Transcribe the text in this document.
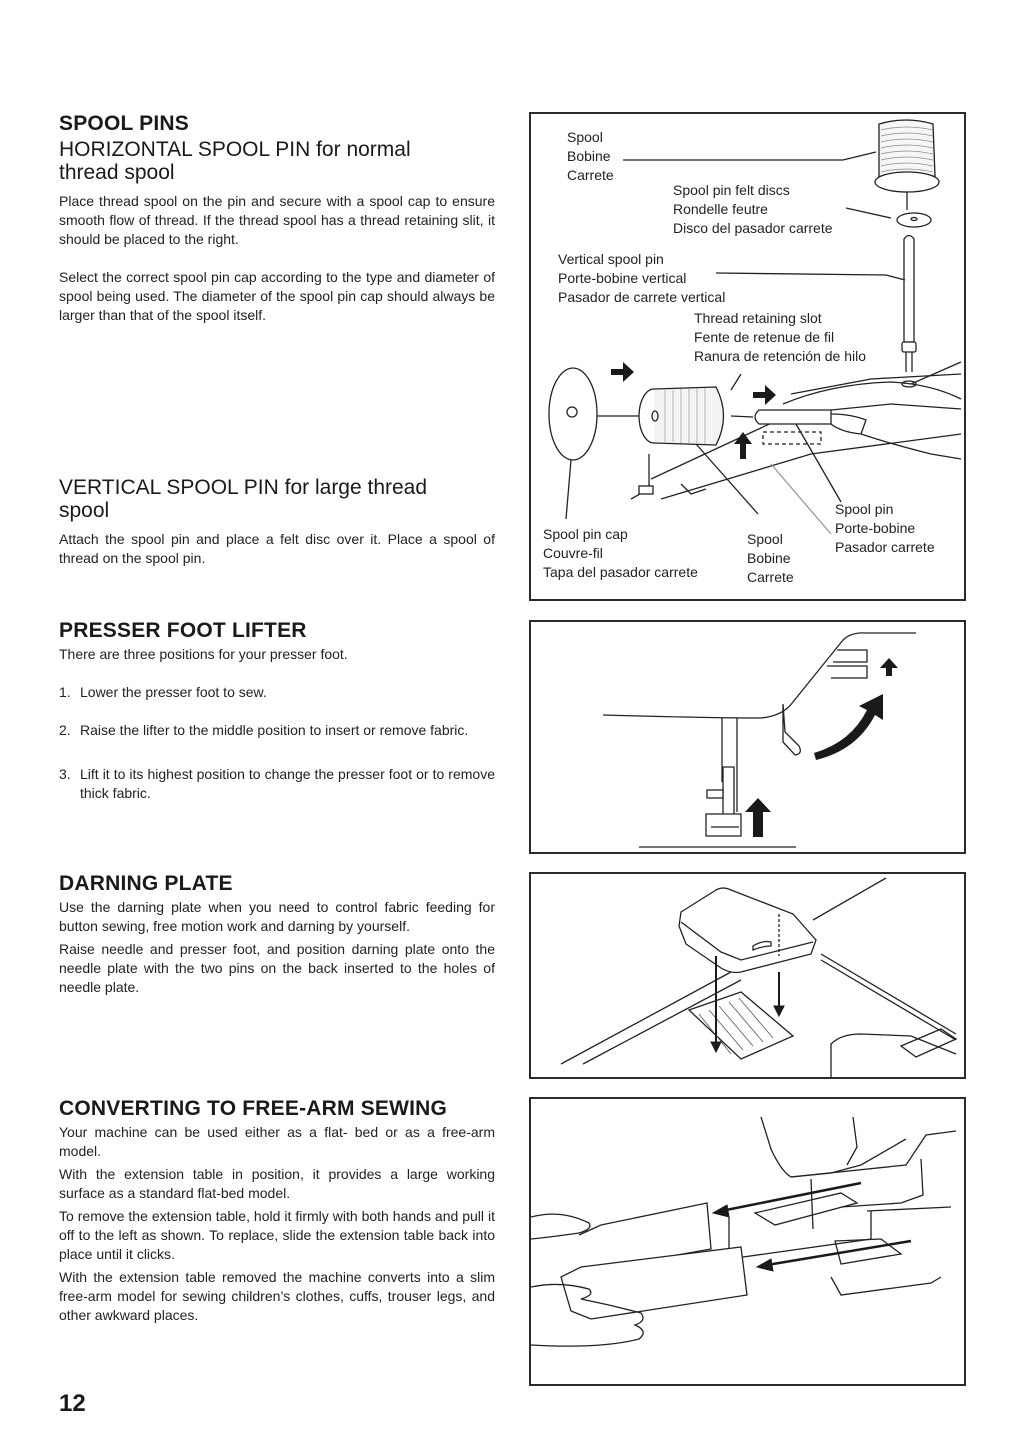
SPOOL PINS
HORIZONTAL SPOOL PIN for normal
thread spool

Place thread spool on the pin and secure with a spool cap to ensure smooth flow of thread. If the thread spool has a thread retaining slit, it should be placed to the right.

Select the correct spool pin cap according to the type and diameter of spool being used. The diameter of the spool pin cap should always be larger than that of the spool itself.

VERTICAL SPOOL PIN for large thread
spool

Attach the spool pin and place a felt disc over it. Place a spool of thread on the spool pin.

Spool
Bobine
Carrete
Spool pin felt discs
Rondelle feutre
Disco del pasador carrete
Vertical spool pin
Porte-bobine vertical
Pasador de carrete vertical
Thread retaining slot
Fente de retenue de fil
Ranura de retención de hilo
Spool pin cap
Couvre-fil
Tapa del pasador carrete
Spool
Bobine
Carrete
Spool pin
Porte-bobine
Pasador carrete
PRESSER FOOT LIFTER

There are three positions for your presser foot.

1. Lower the presser foot to sew.
2. Raise the lifter to the middle position to insert or remove fabric.
3. Lift it to its highest position to change the presser foot or to remove thick fabric.
DARNING PLATE

Use the darning plate when you need to control fabric feeding for button sewing, free motion work and darning by yourself.

Raise needle and presser foot, and position darning plate onto the needle plate with the two pins on the back inserted to the holes of needle plate.

CONVERTING TO FREE-ARM SEWING

Your machine can be used either as a flat- bed or as a free-arm model.

With the extension table in position, it provides a large working surface as a standard flat-bed model.

To remove the extension table, hold it firmly with both hands and pull it off to the left as shown. To replace, slide the extension table back into place until it clicks.

With the extension table removed the machine converts into a slim free-arm model for sewing children’s clothes, cuffs, trouser legs, and other awkward places.

12
